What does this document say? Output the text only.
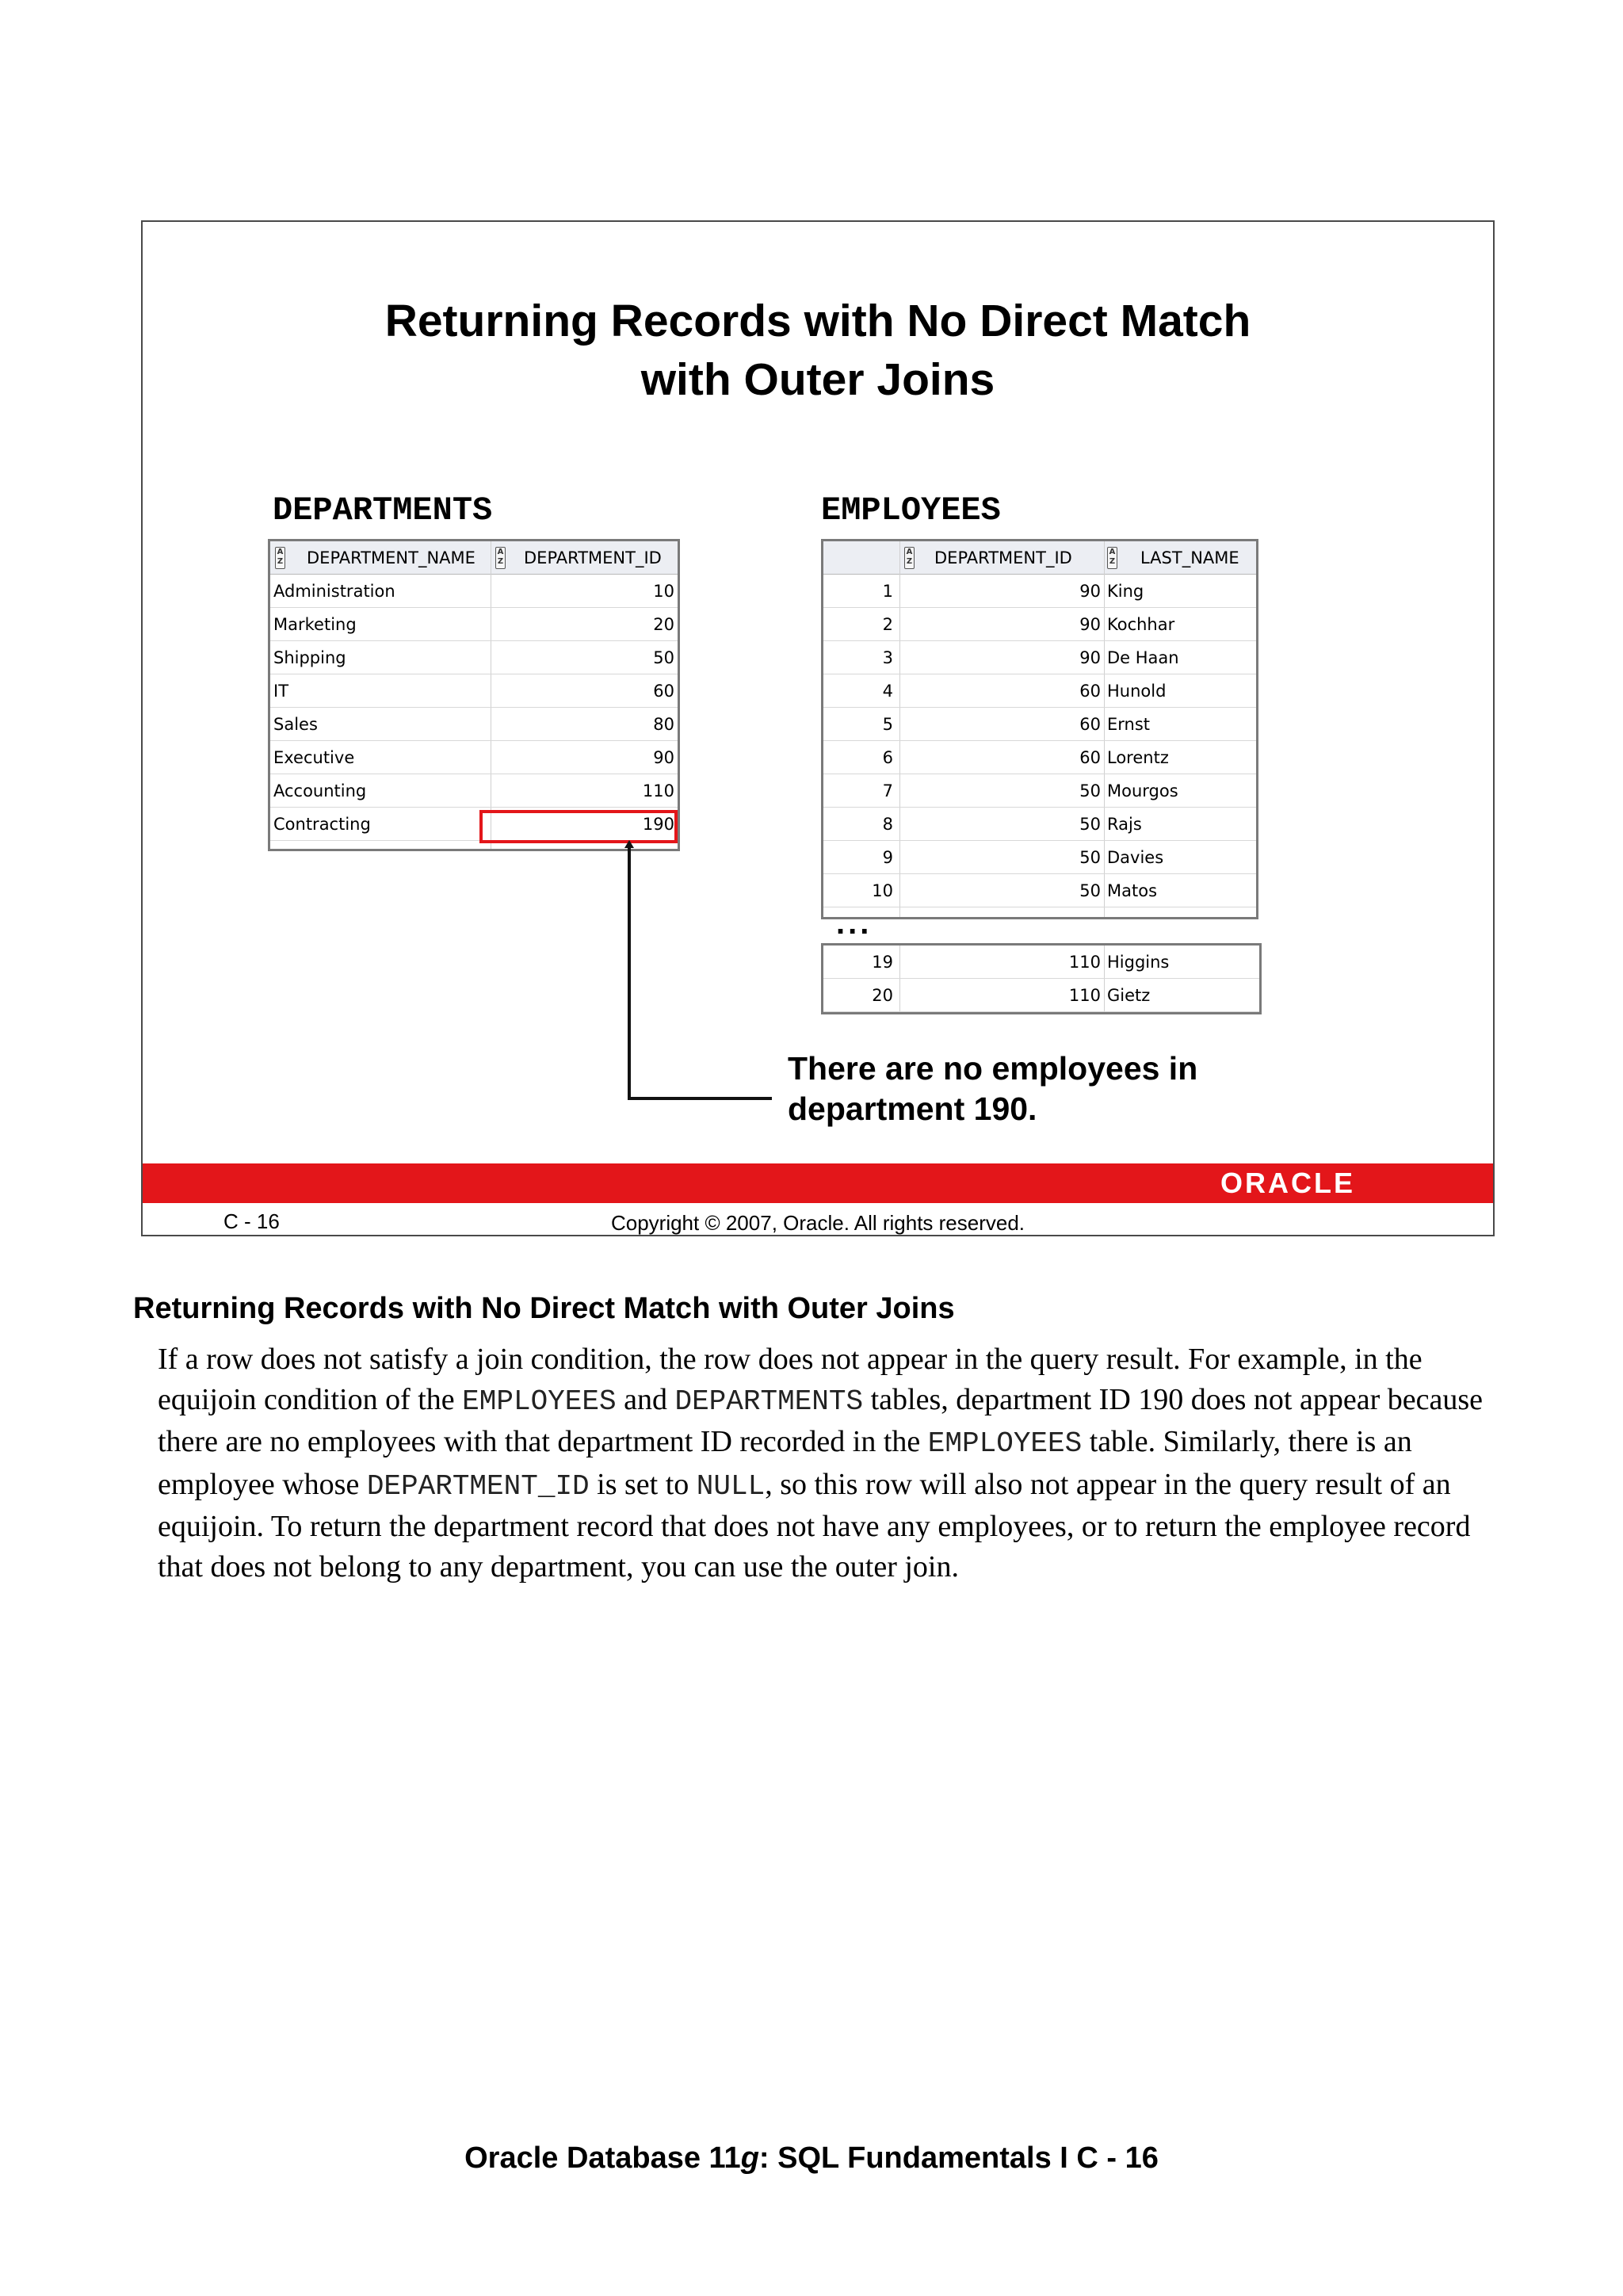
Returning Records with No Direct Match
with Outer Joins
DEPARTMENTS	EMPLOYEES
A
Z	DEPARTMENT_NAME	A
Z	DEPARTMENT_ID
Administration	10
Marketing	20
Shipping	50
IT	60
Sales	80
Executive	90
Accounting	110
Contracting	190
A
Z	DEPARTMENT_ID	A
Z	LAST_NAME
1	90 King
2	90 Kochhar
3	90 De Haan
4	60 Hunold
5	60 Ernst
6	60 Lorentz
7	50 Mourgos
8	50 Rajs
9	50 Davies
10	50 Matos
...
19	110 Higgins
20	110 Gietz
There are no employees in
department 190.
ORACLE
C - 16	Copyright © 2007, Oracle. All rights reserved.
Returning Records with No Direct Match with Outer Joins
If a row does not satisfy a join condition, the row does not appear in the query result. For example, in the equijoin condition of the EMPLOYEES and DEPARTMENTS tables, department ID 190 does not appear because there are no employees with that department ID recorded in the EMPLOYEES table. Similarly, there is an employee whose DEPARTMENT_ID is set to NULL, so this row will also not appear in the query result of an equijoin. To return the department record that does not have any employees, or to return the employee record that does not belong to any department, you can use the outer join.
Oracle Database 11g: SQL Fundamentals I C - 16
